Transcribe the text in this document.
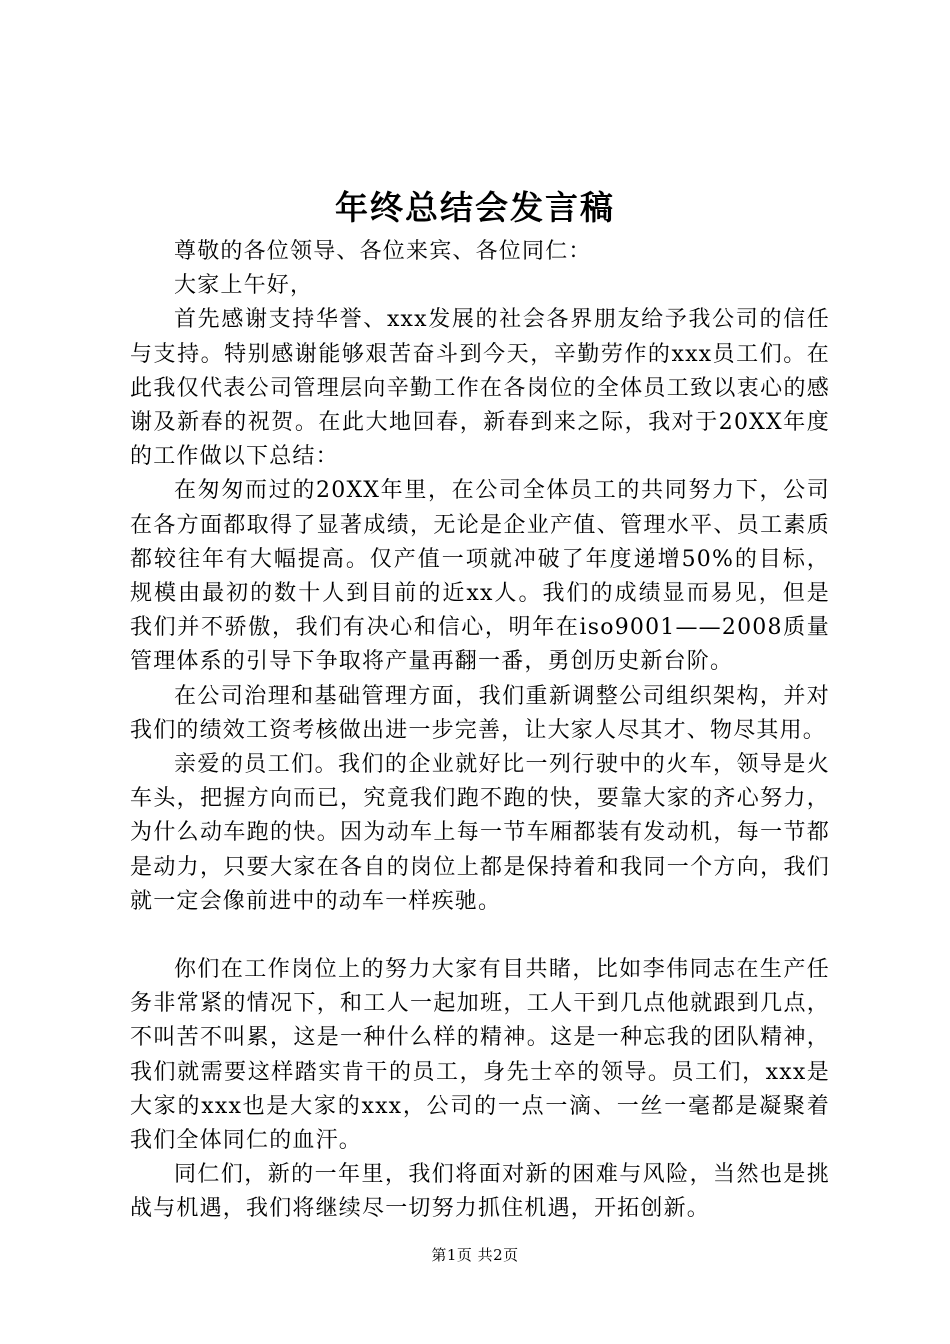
年终总结会发言稿

尊敬的各位领导、各位来宾、各位同仁：

大家上午好，

首先感谢支持华誉、xxx发展的社会各界朋友给予我公司的信任与支持。特别感谢能够艰苦奋斗到今天，辛勤劳作的xxx员工们。在此我仅代表公司管理层向辛勤工作在各岗位的全体员工致以衷心的感谢及新春的祝贺。在此大地回春，新春到来之际，我对于20XX年度的工作做以下总结：

在匆匆而过的20XX年里，在公司全体员工的共同努力下，公司在各方面都取得了显著成绩，无论是企业产值、管理水平、员工素质都较往年有大幅提高。仅产值一项就冲破了年度递增50%的目标，规模由最初的数十人到目前的近xx人。我们的成绩显而易见，但是我们并不骄傲，我们有决心和信心，明年在iso9001——2008质量管理体系的引导下争取将产量再翻一番，勇创历史新台阶。

在公司治理和基础管理方面，我们重新调整公司组织架构，并对我们的绩效工资考核做出进一步完善，让大家人尽其才、物尽其用。

亲爱的员工们。我们的企业就好比一列行驶中的火车，领导是火车头，把握方向而已，究竟我们跑不跑的快，要靠大家的齐心努力，为什么动车跑的快。因为动车上每一节车厢都装有发动机，每一节都是动力，只要大家在各自的岗位上都是保持着和我同一个方向，我们就一定会像前进中的动车一样疾驰。

你们在工作岗位上的努力大家有目共睹，比如李伟同志在生产任务非常紧的情况下，和工人一起加班，工人干到几点他就跟到几点，不叫苦不叫累，这是一种什么样的精神。这是一种忘我的团队精神，我们就需要这样踏实肯干的员工，身先士卒的领导。员工们，xxx是大家的xxx也是大家的xxx，公司的一点一滴、一丝一毫都是凝聚着我们全体同仁的血汗。

同仁们，新的一年里，我们将面对新的困难与风险，当然也是挑战与机遇，我们将继续尽一切努力抓住机遇，开拓创新。

第1页 共2页
